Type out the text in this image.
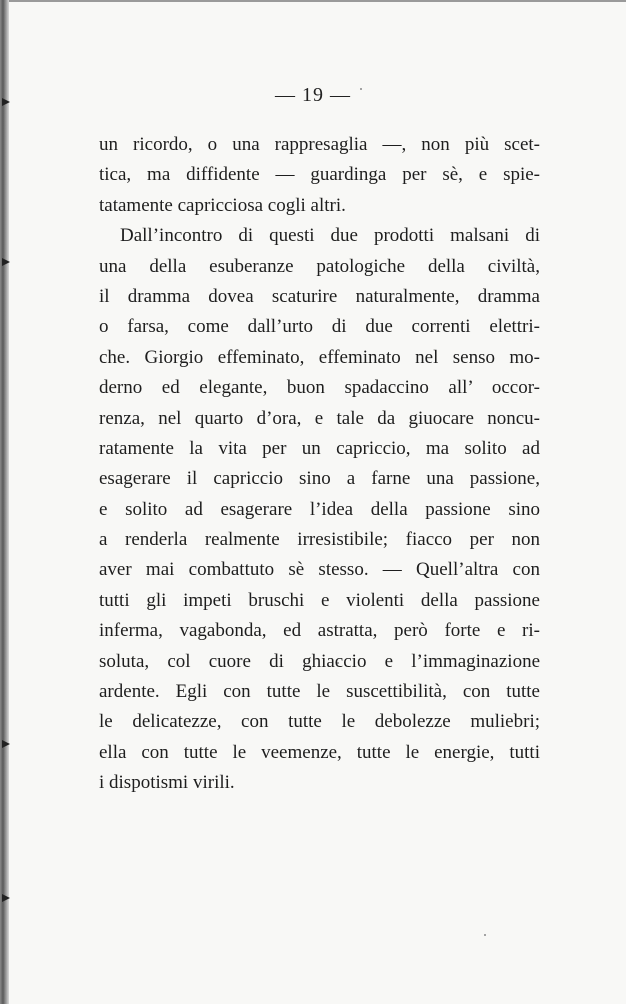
— 19 —
un ricordo, o una rappresaglia —, non più scet-
tica, ma diffidente — guardinga per sè, e spie-
tatamente capricciosa cogli altri.
Dall’incontro di questi due prodotti malsani di
una della esuberanze patologiche della civiltà,
il dramma dovea scaturire naturalmente, dramma
o farsa, come dall’urto di due correnti elettri-
che. Giorgio effeminato, effeminato nel senso mo-
derno ed elegante, buon spadaccino all’ occor-
renza, nel quarto d’ora, e tale da giuocare noncu-
ratamente la vita per un capriccio, ma solito ad
esagerare il capriccio sino a farne una passione,
e solito ad esagerare l’idea della passione sino
a renderla realmente irresistibile; fiacco per non
aver mai combattuto sè stesso. — Quell’altra con
tutti gli impeti bruschi e violenti della passione
inferma, vagabonda, ed astratta, però forte e ri-
soluta, col cuore di ghiaccio e l’immaginazione
ardente. Egli con tutte le suscettibilità, con tutte
le delicatezze, con tutte le debolezze muliebri;
ella con tutte le veemenze, tutte le energie, tutti
i dispotismi virili.
